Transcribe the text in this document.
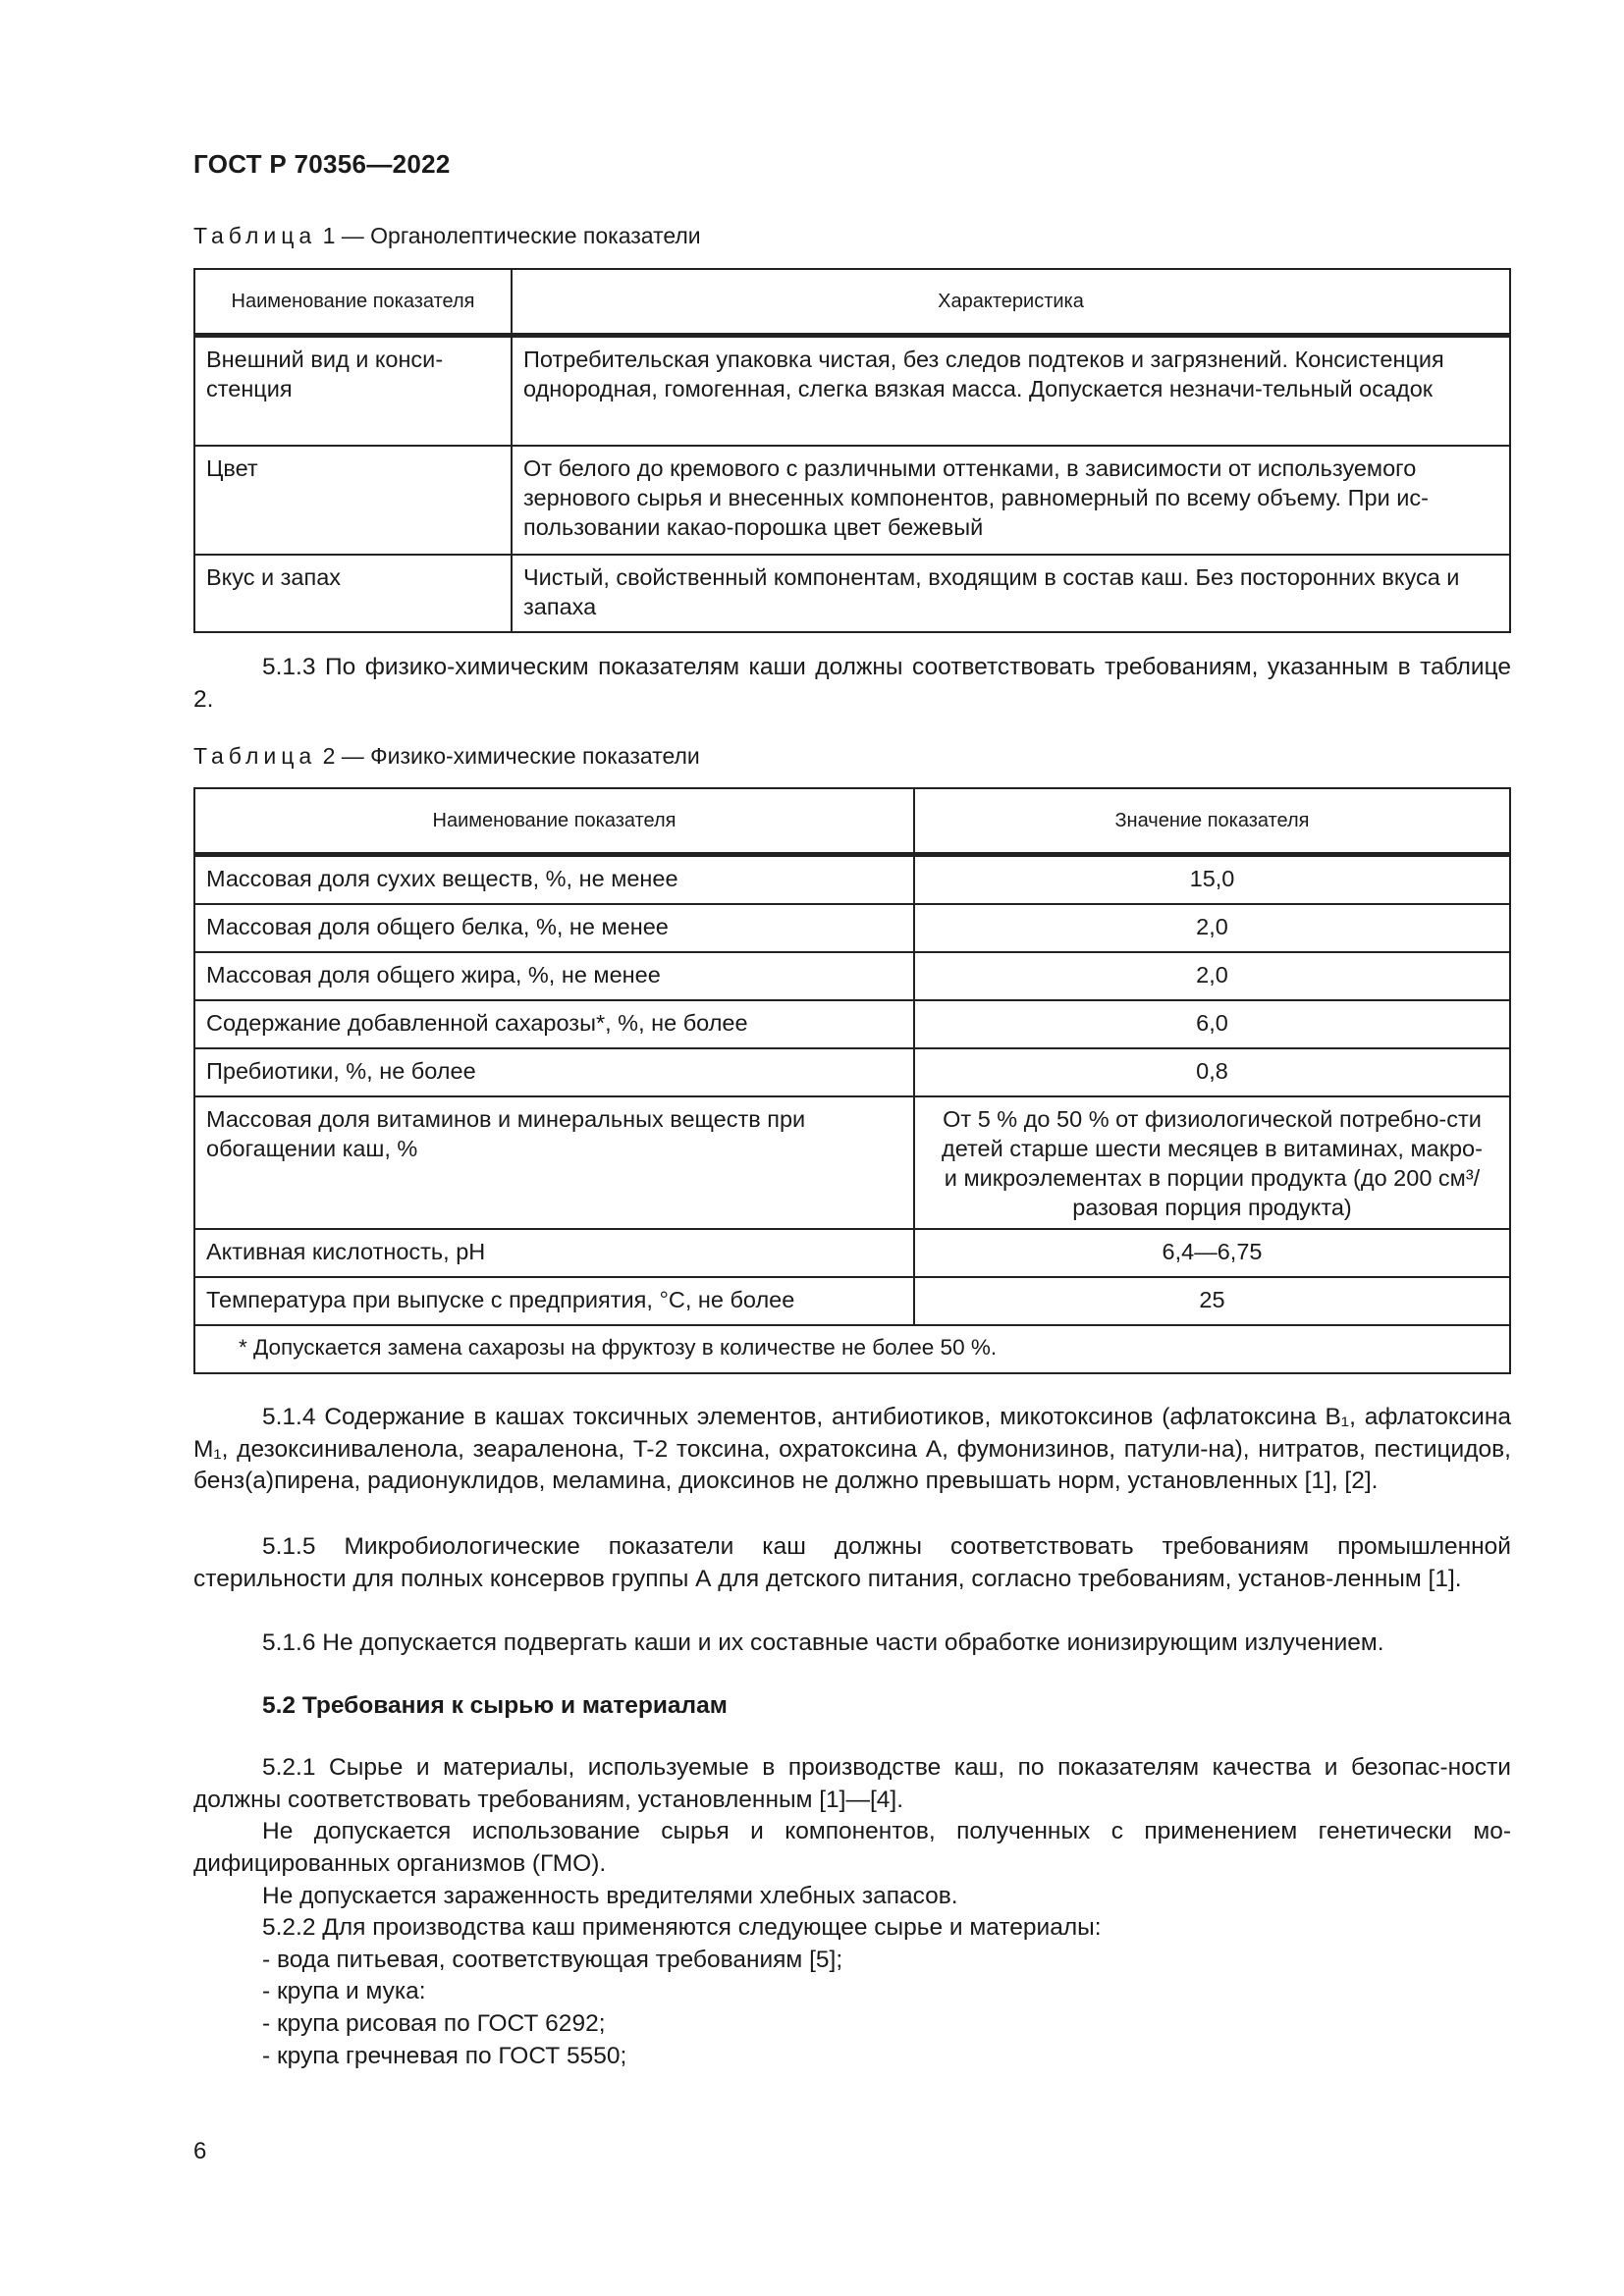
ГОСТ Р 70356—2022
Таблица 1 — Органолептические показатели
Наименование показателя	Характеристика
Внешний вид и конси-стенция	Потребительская упаковка чистая, без следов подтеков и загрязнений. Консистенция однородная, гомогенная, слегка вязкая масса. Допускается незначи-тельный осадок
Цвет	От белого до кремового с различными оттенками, в зависимости от используемого зернового сырья и внесенных компонентов, равномерный по всему объему. При ис-пользовании какао-порошка цвет бежевый
Вкус и запах	Чистый, свойственный компонентам, входящим в состав каш. Без посторонних вкуса и запаха

5.1.3 По физико-химическим показателям каши должны соответствовать требованиям, указанным в таблице 2.

Таблица 2 — Физико-химические показатели
Наименование показателя	Значение показателя
Массовая доля сухих веществ, %, не менее	15,0
Массовая доля общего белка, %, не менее	2,0
Массовая доля общего жира, %, не менее	2,0
Содержание добавленной сахарозы*, %, не более	6,0
Пребиотики, %, не более	0,8

Массовая доля витаминов и минеральных веществ при обогащении каш, %	От 5 % до 50 % от физиологической потребно-сти детей старше шести месяцев в витаминах, макро- и микроэлементах в порции продукта (до 200 см³/разовая порция продукта)
Активная кислотность, pH	6,4—6,75
Температура при выпуске с предприятия, °С, не более	25
* Допускается замена сахарозы на фруктозу в количестве не более 50 %.	

5.1.4 Содержание в кашах токсичных элементов, антибиотиков, микотоксинов (афлатоксина B₁, афлатоксина M₁, дезоксиниваленола, зеараленона, T-2 токсина, охратоксина А, фумонизинов, патули-на), нитратов, пестицидов, бенз(а)пирена, радионуклидов, меламина, диоксинов не должно превышать норм, установленных [1], [2].

5.1.5 Микробиологические показатели каш должны соответствовать требованиям промышленной стерильности для полных консервов группы А для детского питания, согласно требованиям, установ-ленным [1].

5.1.6 Не допускается подвергать каши и их составные части обработке ионизирующим излучением.

5.2 Требования к сырью и материалам

5.2.1 Сырье и материалы, используемые в производстве каш, по показателям качества и безопас-ности должны соответствовать требованиям, установленным [1]—[4].

Не допускается использование сырья и компонентов, полученных с применением генетически мо-дифицированных организмов (ГМО).

Не допускается зараженность вредителями хлебных запасов.

5.2.2 Для производства каш применяются следующее сырье и материалы:

- вода питьевая, соответствующая требованиям [5];

- крупа и мука:

- крупа рисовая по ГОСТ 6292;

- крупа гречневая по ГОСТ 5550;

6
